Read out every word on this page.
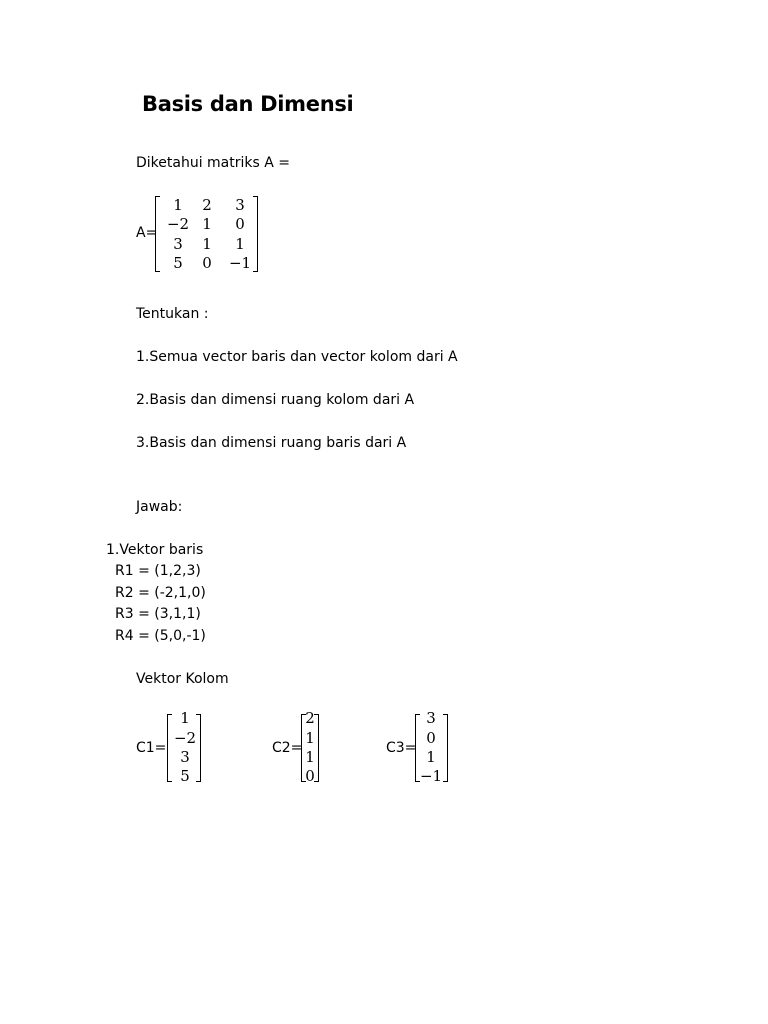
Basis dan Dimensi
Diketahui matriks A =
A=
1	2	3
−2 1	0
3	1	1
5	0	−1
Tentukan :
1.Semua vector baris dan vector kolom dari A
2.Basis dan dimensi ruang kolom dari A
3.Basis dan dimensi ruang baris dari A
Jawab:
1.Vektor baris
R1 = (1,2,3)
R2 = (-2,1,0)
R3 = (3,1,1)
R4 = (5,0,-1)
Vektor Kolom
C1=
1
−2
3
5
C2=
2
1
1
0
C3=
3
0
1
−1
